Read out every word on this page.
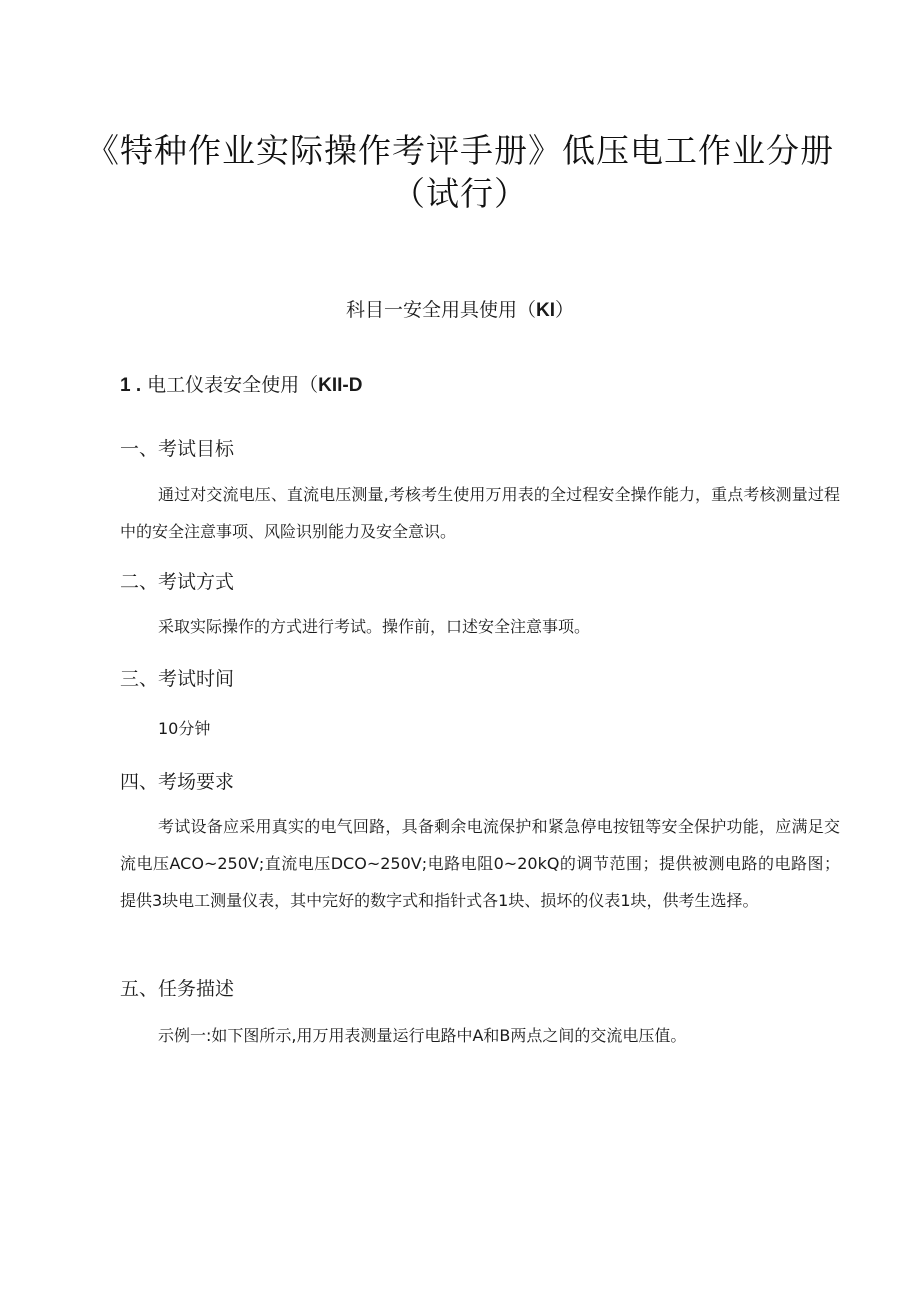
《特种作业实际操作考评手册》低压电工作业分册
（试行）
科目一安全用具使用（KI）
1 . 电工仪表安全使用（KII-D
一、考试目标
通过对交流电压、直流电压测量,考核考生使用万用表的全过程安全操作能力，重点考核测量过程中的安全注意事项、风险识别能力及安全意识。
二、考试方式
采取实际操作的方式进行考试。操作前，口述安全注意事项。
三、考试时间
10分钟
四、考场要求
考试设备应采用真实的电气回路，具备剩余电流保护和紧急停电按钮等安全保护功能，应满足交流电压ACO~250V;直流电压DCO~250V;电路电阻0~20kQ的调节范围；提供被测电路的电路图；提供3块电工测量仪表，其中完好的数字式和指针式各1块、损坏的仪表1块，供考生选择。
五、任务描述
示例一:如下图所示,用万用表测量运行电路中A和B两点之间的交流电压值。
